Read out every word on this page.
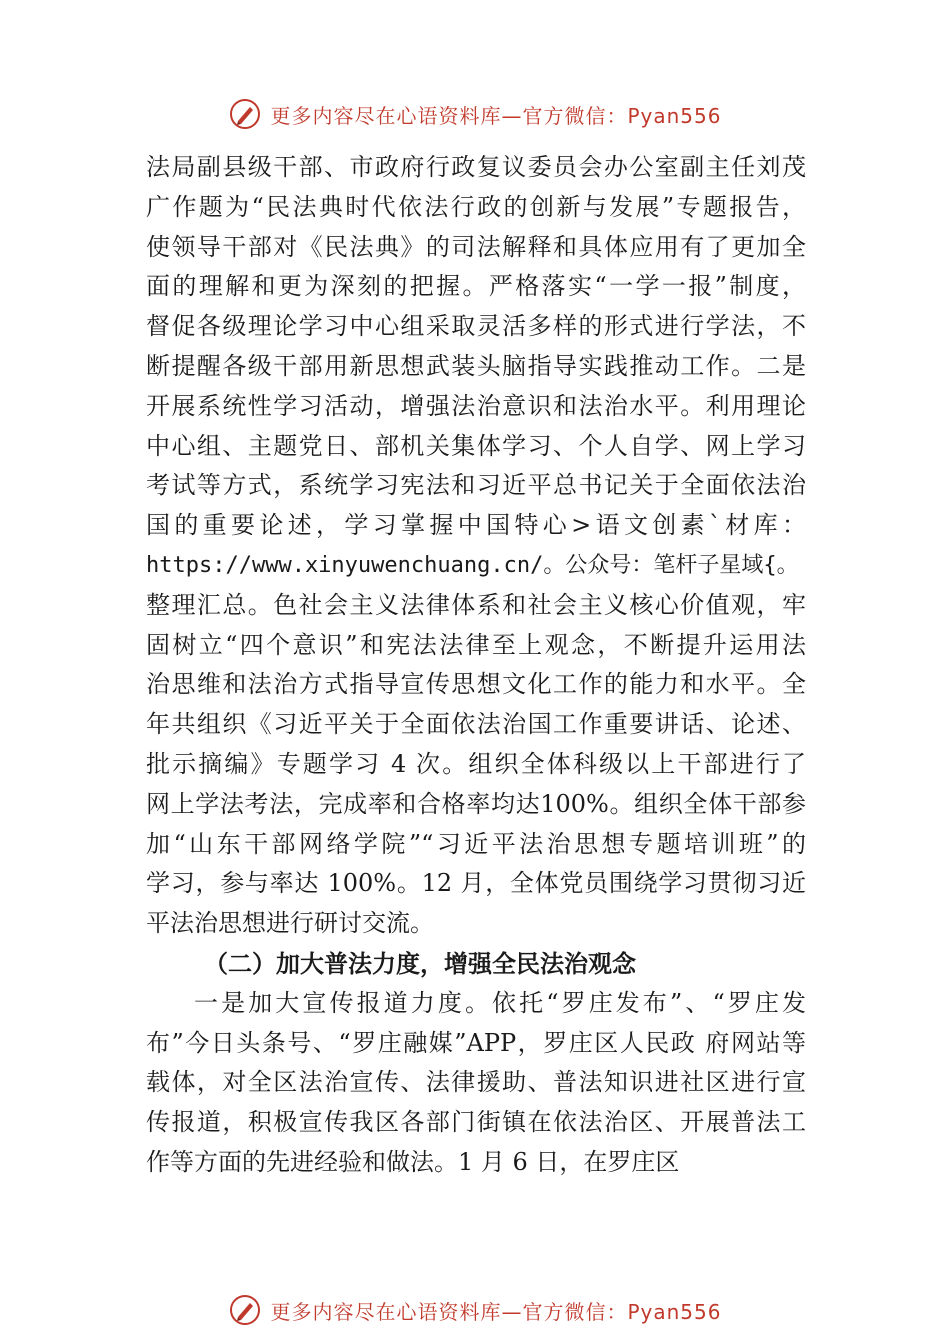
更多内容尽在心语资料库—官方微信：Pyan556
法局副县级干部、市政府行政复议委员会办公室副主任刘茂
广作题为“民法典时代依法行政的创新与发展”专题报告，
使领导干部对《民法典》的司法解释和具体应用有了更加全
面的理解和更为深刻的把握。严格落实“一学一报”制度，
督促各级理论学习中心组采取灵活多样的形式进行学法，不
断提醒各级干部用新思想武装头脑指导实践推动工作。二是
开展系统性学习活动，增强法治意识和法治水平。利用理论
中心组、主题党日、部机关集体学习、个人自学、网上学习
考试等方式，系统学习宪法和习近平总书记关于全面依法治
国的重要论述，学习掌握中国特心>语文创素`材库：
https://www.xinyuwenchuang.cn/。公众号：笔杆子星域{。
整理汇总。色社会主义法律体系和社会主义核心价值观，牢
固树立“四个意识”和宪法法律至上观念，不断提升运用法
治思维和法治方式指导宣传思想文化工作的能力和水平。全
年共组织《习近平关于全面依法治国工作重要讲话、论述、
批示摘编》专题学习 4 次。组织全体科级以上干部进行了
网上学法考法，完成率和合格率均达100%。组织全体干部参
加“山东干部网络学院”“习近平法治思想专题培训班”的
学习，参与率达 100%。12 月，全体党员围绕学习贯彻习近
平法治思想进行研讨交流。
（二）加大普法力度，增强全民法治观念
一是加大宣传报道力度。依托“罗庄发布”、“罗庄发
布”今日头条号、“罗庄融媒”APP，罗庄区人民政 府网站等
载体，对全区法治宣传、法律援助、普法知识进社区进行宣
传报道，积极宣传我区各部门街镇在依法治区、开展普法工
作等方面的先进经验和做法。1 月 6 日，在罗庄区
更多内容尽在心语资料库—官方微信：Pyan556
